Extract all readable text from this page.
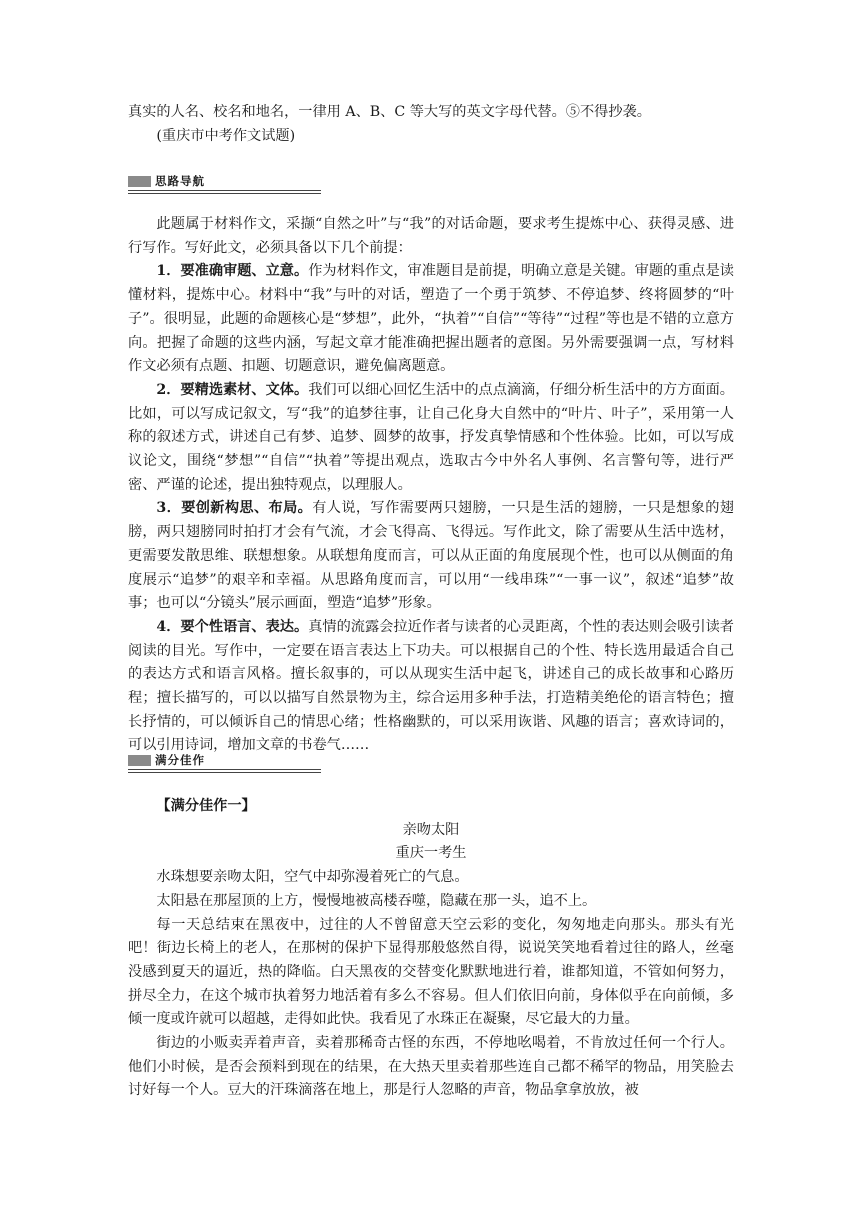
真实的人名、校名和地名，一律用 A、B、C 等大写的英文字母代替。⑤不得抄袭。

(重庆市中考作文试题)

思路导航

此题属于材料作文，采撷“自然之叶”与“我”的对话命题，要求考生提炼中心、获得灵感、进行写作。写好此文，必须具备以下几个前提：

1．要准确审题、立意。作为材料作文，审准题目是前提，明确立意是关键。审题的重点是读懂材料，提炼中心。材料中“我”与叶的对话，塑造了一个勇于筑梦、不停追梦、终将圆梦的“叶子”。很明显，此题的命题核心是“梦想”，此外，“执着”“自信”“等待”“过程”等也是不错的立意方向。把握了命题的这些内涵，写起文章才能准确把握出题者的意图。另外需要强调一点，写材料作文必须有点题、扣题、切题意识，避免偏离题意。

2．要精选素材、文体。我们可以细心回忆生活中的点点滴滴，仔细分析生活中的方方面面。比如，可以写成记叙文，写“我”的追梦往事，让自己化身大自然中的“叶片、叶子”，采用第一人称的叙述方式，讲述自己有梦、追梦、圆梦的故事，抒发真挚情感和个性体验。比如，可以写成议论文，围绕“梦想”“自信”“执着”等提出观点，选取古今中外名人事例、名言警句等，进行严密、严谨的论述，提出独特观点，以理服人。

3．要创新构思、布局。有人说，写作需要两只翅膀，一只是生活的翅膀，一只是想象的翅膀，两只翅膀同时拍打才会有气流，才会飞得高、飞得远。写作此文，除了需要从生活中选材，更需要发散思维、联想想象。从联想角度而言，可以从正面的角度展现个性，也可以从侧面的角度展示“追梦”的艰辛和幸福。从思路角度而言，可以用“一线串珠”“一事一议”，叙述“追梦”故事；也可以“分镜头”展示画面，塑造“追梦”形象。

4．要个性语言、表达。真情的流露会拉近作者与读者的心灵距离，个性的表达则会吸引读者阅读的目光。写作中，一定要在语言表达上下功夫。可以根据自己的个性、特长选用最适合自己的表达方式和语言风格。擅长叙事的，可以从现实生活中起飞，讲述自己的成长故事和心路历程；擅长描写的，可以以描写自然景物为主，综合运用多种手法，打造精美绝伦的语言特色；擅长抒情的，可以倾诉自己的情思心绪；性格幽默的，可以采用诙谐、风趣的语言；喜欢诗词的，可以引用诗词，增加文章的书卷气……

满分佳作

【满分佳作一】

亲吻太阳

重庆一考生

水珠想要亲吻太阳，空气中却弥漫着死亡的气息。

太阳悬在那屋顶的上方，慢慢地被高楼吞噬，隐藏在那一头，追不上。

每一天总结束在黑夜中，过往的人不曾留意天空云彩的变化，匆匆地走向那头。那头有光吧！街边长椅上的老人，在那树的保护下显得那般悠然自得，说说笑笑地看着过往的路人，丝毫没感到夏天的逼近，热的降临。白天黑夜的交替变化默默地进行着，谁都知道，不管如何努力，拼尽全力，在这个城市执着努力地活着有多么不容易。但人们依旧向前，身体似乎在向前倾，多倾一度或许就可以超越，走得如此快。我看见了水珠正在凝聚，尽它最大的力量。

街边的小贩卖弄着声音，卖着那稀奇古怪的东西，不停地吆喝着，不肯放过任何一个行人。他们小时候，是否会预料到现在的结果，在大热天里卖着那些连自己都不稀罕的物品，用笑脸去讨好每一个人。豆大的汗珠滴落在地上，那是行人忽略的声音，物品拿拿放放，被
